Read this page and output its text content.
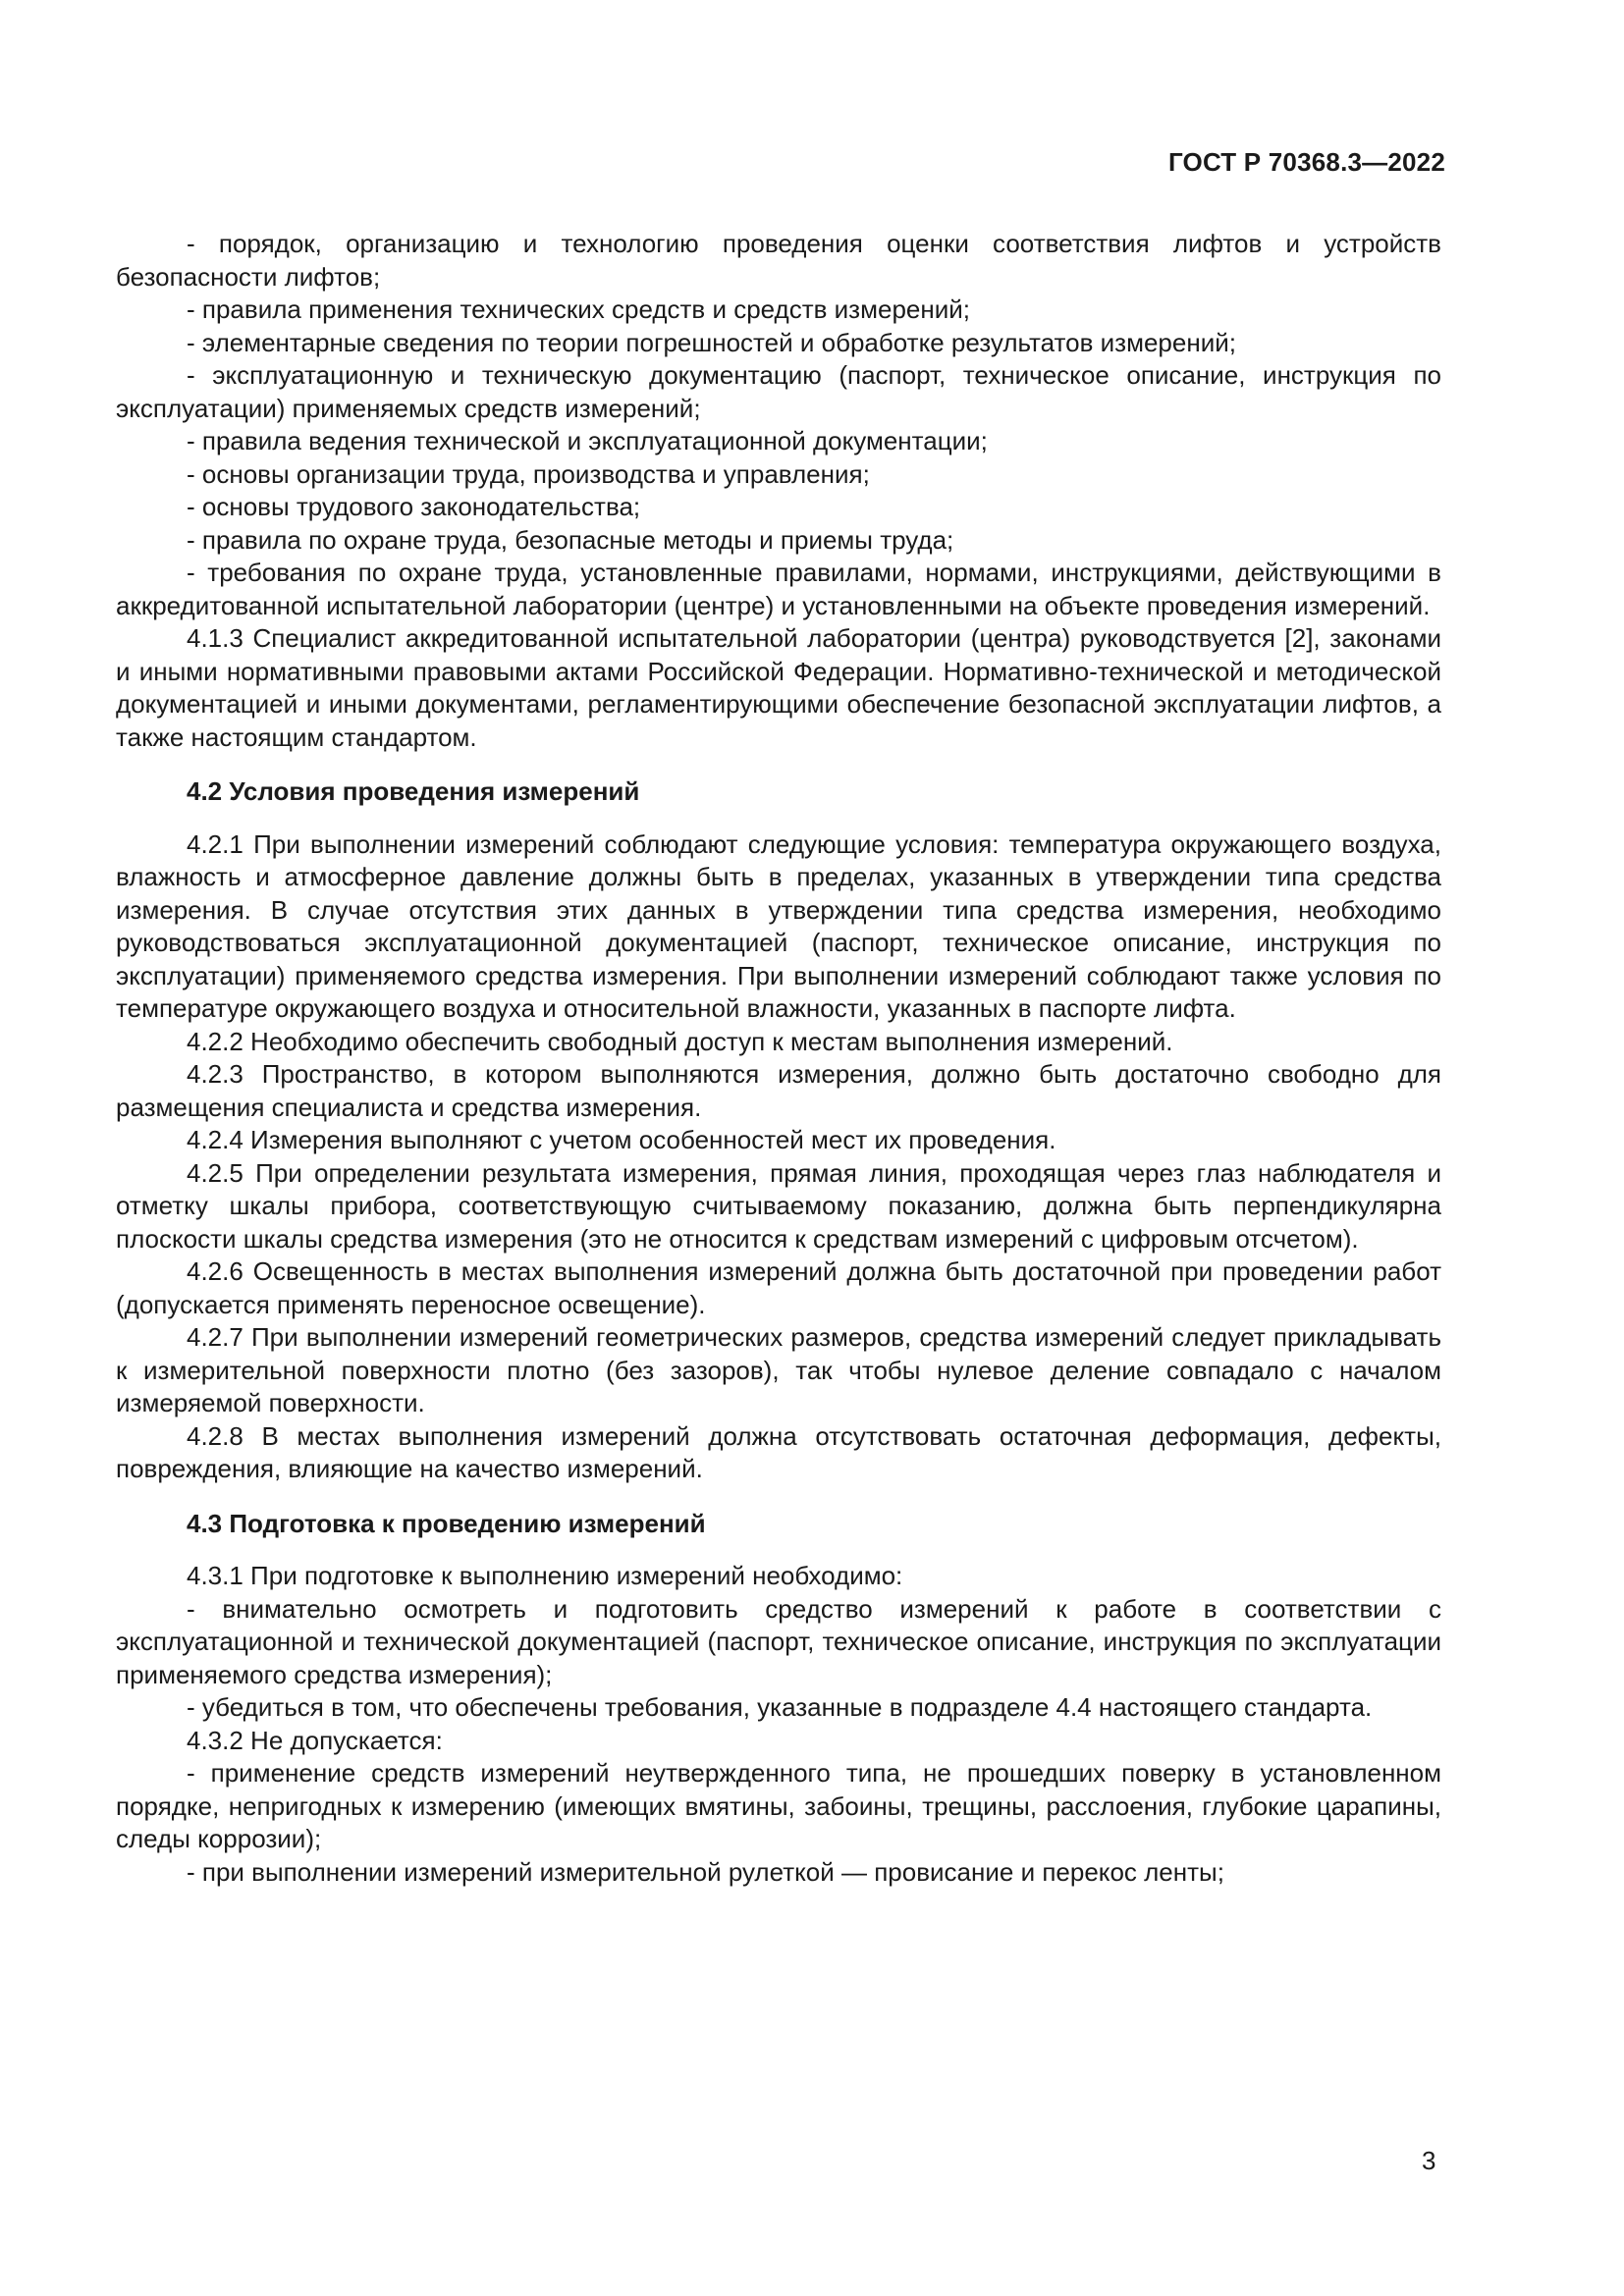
ГОСТ Р 70368.3—2022

- порядок, организацию и технологию проведения оценки соответствия лифтов и устройств безопасности лифтов;

- правила применения технических средств и средств измерений;

- элементарные сведения по теории погрешностей и обработке результатов измерений;

- эксплуатационную и техническую документацию (паспорт, техническое описание, инструкция по эксплуатации) применяемых средств измерений;

- правила ведения технической и эксплуатационной документации;

- основы организации труда, производства и управления;

- основы трудового законодательства;

- правила по охране труда, безопасные методы и приемы труда;

- требования по охране труда, установленные правилами, нормами, инструкциями, действующими в аккредитованной испытательной лаборатории (центре) и установленными на объекте проведения измерений.

4.1.3 Специалист аккредитованной испытательной лаборатории (центра) руководствуется [2], законами и иными нормативными правовыми актами Российской Федерации. Нормативно-технической и методической документацией и иными документами, регламентирующими обеспечение безопасной эксплуатации лифтов, а также настоящим стандартом.

4.2 Условия проведения измерений

4.2.1 При выполнении измерений соблюдают следующие условия: температура окружающего воздуха, влажность и атмосферное давление должны быть в пределах, указанных в утверждении типа средства измерения. В случае отсутствия этих данных в утверждении типа средства измерения, необходимо руководствоваться эксплуатационной документацией (паспорт, техническое описание, инструкция по эксплуатации) применяемого средства измерения. При выполнении измерений соблюдают также условия по температуре окружающего воздуха и относительной влажности, указанных в паспорте лифта.

4.2.2 Необходимо обеспечить свободный доступ к местам выполнения измерений.

4.2.3 Пространство, в котором выполняются измерения, должно быть достаточно свободно для размещения специалиста и средства измерения.

4.2.4 Измерения выполняют с учетом особенностей мест их проведения.

4.2.5 При определении результата измерения, прямая линия, проходящая через глаз наблюдателя и отметку шкалы прибора, соответствующую считываемому показанию, должна быть перпендикулярна плоскости шкалы средства измерения (это не относится к средствам измерений с цифровым отсчетом).

4.2.6 Освещенность в местах выполнения измерений должна быть достаточной при проведении работ (допускается применять переносное освещение).

4.2.7 При выполнении измерений геометрических размеров, средства измерений следует прикладывать к измерительной поверхности плотно (без зазоров), так чтобы нулевое деление совпадало с началом измеряемой поверхности.

4.2.8 В местах выполнения измерений должна отсутствовать остаточная деформация, дефекты, повреждения, влияющие на качество измерений.

4.3 Подготовка к проведению измерений

4.3.1 При подготовке к выполнению измерений необходимо:

- внимательно осмотреть и подготовить средство измерений к работе в соответствии с эксплуатационной и технической документацией (паспорт, техническое описание, инструкция по эксплуатации применяемого средства измерения);

- убедиться в том, что обеспечены требования, указанные в подразделе 4.4 настоящего стандарта.

4.3.2 Не допускается:

- применение средств измерений неутвержденного типа, не прошедших поверку в установленном порядке, непригодных к измерению (имеющих вмятины, забоины, трещины, расслоения, глубокие царапины, следы коррозии);

- при выполнении измерений измерительной рулеткой — провисание и перекос ленты;

3
